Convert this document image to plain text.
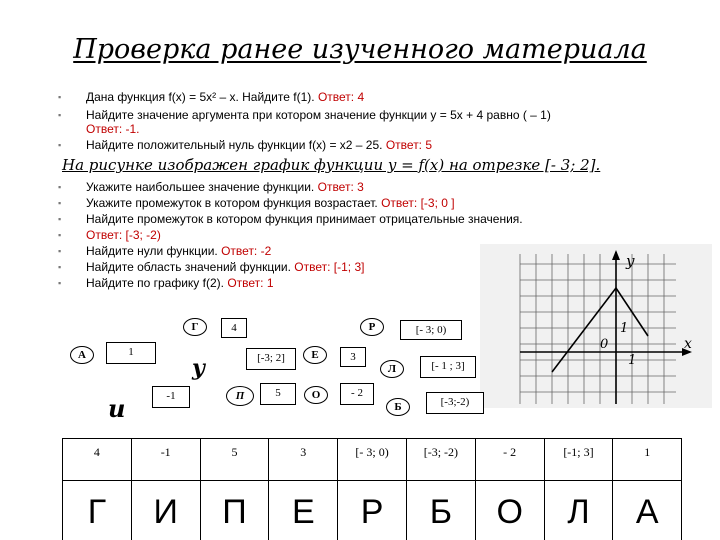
Проверка ранее изученного материала
▪ Дана функция f(x) = 5x² – x. Найдите f(1). Ответ: 4
▪ Найдите значение аргумента при котором значение функции y = 5x + 4 равно ( – 1)
Ответ: -1.
▪ Найдите положительный нуль функции f(x) = x2 – 25. Ответ: 5
На рисунке изображен график функции y = f(x) на отрезке [- 3; 2].
▪ Укажите наибольшее значение функции. Ответ: 3
▪ Укажите промежуток в котором функция возрастает. Ответ: [-3; 0 ]
▪ Найдите промежуток в котором функция принимает отрицательные значения.
▪ Ответ: [-3; -2)
▪ Найдите нули функции. Ответ: -2
▪ Найдите область значений функции. Ответ: [-1; 3]
▪ Найдите по графику f(2). Ответ: 1
y
x
0
1
1
Г	4	Р	[- 3; 0)
А	1
у	[-3; 2]	Е	3
Л	[- 1 ; 3]
и	-1	П	5	О	- 2
Б	[-3;-2)
4	-1	5	3	[- 3; 0)	[-3; -2)	- 2	[-1; 3]	1
Г	И	П	Е	Р	Б	О	Л	А
